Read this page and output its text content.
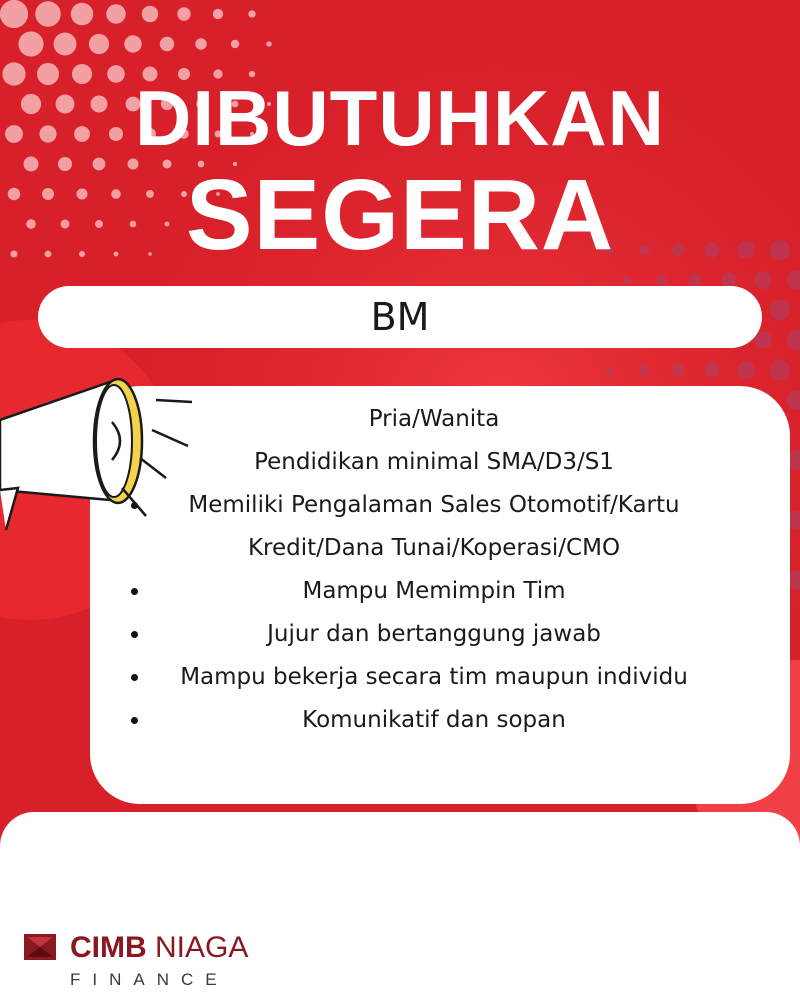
DIBUTUHKAN
SEGERA
BM
Pria/Wanita
Pendidikan minimal SMA/D3/S1
Memiliki Pengalaman Sales Otomotif/Kartu
Kredit/Dana Tunai/Koperasi/CMO
Mampu Memimpin Tim
Jujur dan bertanggung jawab
Mampu bekerja secara tim maupun individu
Komunikatif dan sopan
CIMB NIAGA
FINANCE
